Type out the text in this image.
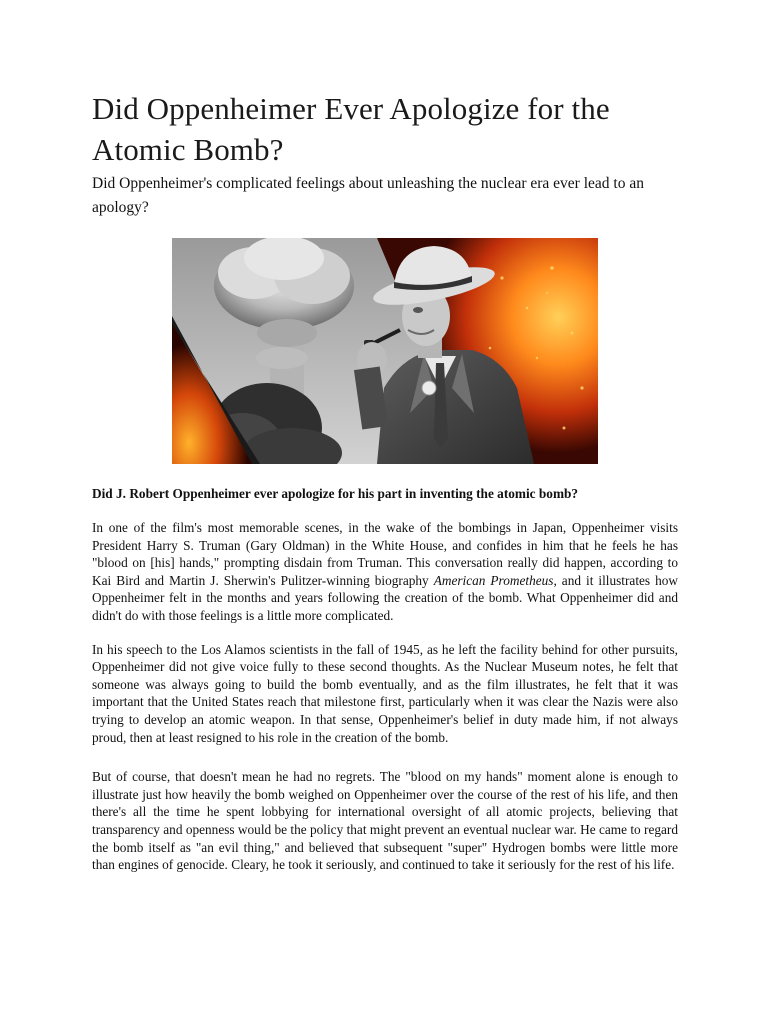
Did Oppenheimer Ever Apologize for the Atomic Bomb?

Did Oppenheimer's complicated feelings about unleashing the nuclear era ever lead to an apology?

Did J. Robert Oppenheimer ever apologize for his part in inventing the atomic bomb?

In one of the film's most memorable scenes, in the wake of the bombings in Japan, Oppenheimer visits President Harry S. Truman (Gary Oldman) in the White House, and confides in him that he feels he has "blood on [his] hands," prompting disdain from Truman. This conversation really did happen, according to Kai Bird and Martin J. Sherwin's Pulitzer-winning biography American Prometheus, and it illustrates how Oppenheimer felt in the months and years following the creation of the bomb. What Oppenheimer did and didn't do with those feelings is a little more complicated.

In his speech to the Los Alamos scientists in the fall of 1945, as he left the facility behind for other pursuits, Oppenheimer did not give voice fully to these second thoughts. As the Nuclear Museum notes, he felt that someone was always going to build the bomb eventually, and as the film illustrates, he felt that it was important that the United States reach that milestone first, particularly when it was clear the Nazis were also trying to develop an atomic weapon. In that sense, Oppenheimer's belief in duty made him, if not always proud, then at least resigned to his role in the creation of the bomb.

But of course, that doesn't mean he had no regrets. The "blood on my hands" moment alone is enough to illustrate just how heavily the bomb weighed on Oppenheimer over the course of the rest of his life, and then there's all the time he spent lobbying for international oversight of all atomic projects, believing that transparency and openness would be the policy that might prevent an eventual nuclear war. He came to regard the bomb itself as "an evil thing," and believed that subsequent "super" Hydrogen bombs were little more than engines of genocide. Cleary, he took it seriously, and continued to take it seriously for the rest of his life.
